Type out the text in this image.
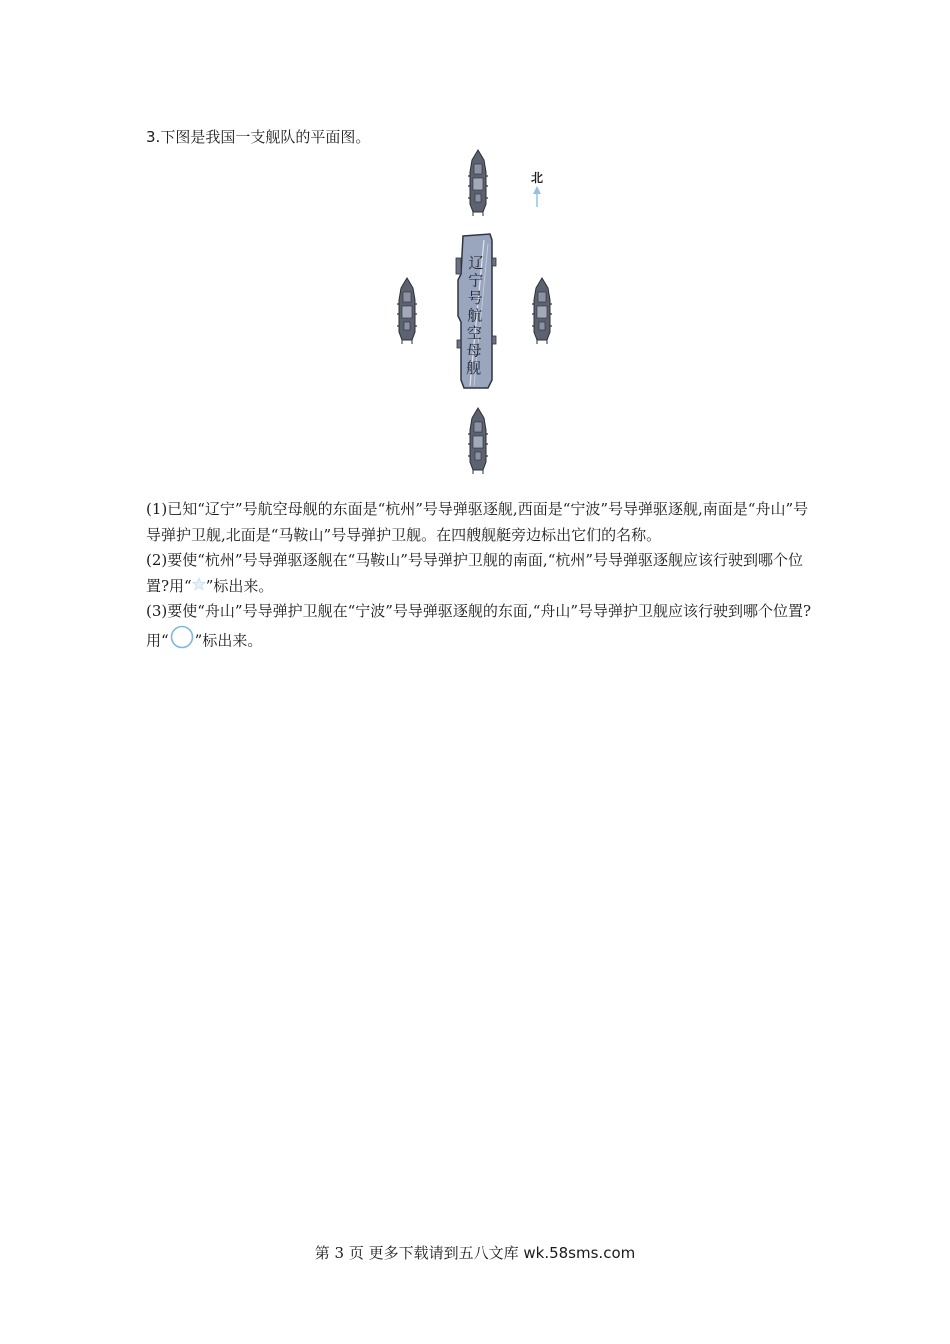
3.下图是我国一支舰队的平面图。
辽
宁
号
航
空
母
舰
北

(1)已知“辽宁”号航空母舰的东面是“杭州”号导弹驱逐舰,西面是“宁波”号导弹驱逐舰,南面是“舟山”号导弹护卫舰,北面是“马鞍山”号导弹护卫舰。在四艘舰艇旁边标出它们的名称。

(2)要使“杭州”号导弹驱逐舰在“马鞍山”号导弹护卫舰的南面,“杭州”号导弹驱逐舰应该行驶到哪个位置?用“ ”标出来。

(3)要使“舟山”号导弹护卫舰在“宁波”号导弹驱逐舰的东面,“舟山”号导弹护卫舰应该行驶到哪个位置?用“ ”标出来。

第 3 页 更多下载请到五八文库 wk.58sms.com
